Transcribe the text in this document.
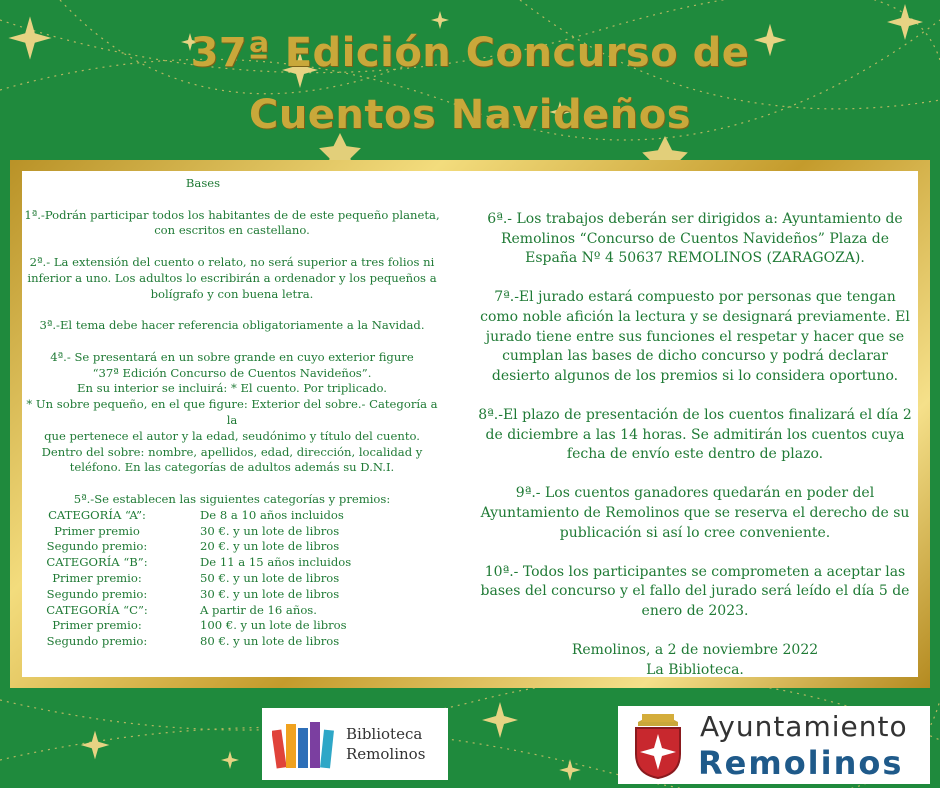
37ª Edición Concurso de
Cuentos Navideños

Bases

1ª.-Podrán participar todos los habitantes de de este pequeño planeta,
con escritos en castellano.

2ª.- La extensión del cuento o relato, no será superior a tres folios ni
inferior a uno. Los adultos lo escribirán a ordenador y los pequeños a
bolígrafo y con buena letra.

3ª.-El tema debe hacer referencia obligatoriamente a la Navidad.

4ª.- Se presentará en un sobre grande en cuyo exterior figure
“37ª Edición Concurso de Cuentos Navideños”.
En su interior se incluirá: * El cuento. Por triplicado.
* Un sobre pequeño, en el que figure: Exterior del sobre.- Categoría a la
que pertenece el autor y la edad, seudónimo y título del cuento.
Dentro del sobre: nombre, apellidos, edad, dirección, localidad y
teléfono. En las categorías de adultos además su D.N.I.

5ª.-Se establecen las siguientes categorías y premios:

CATEGORÍA “A”:	De 8 a 10 años incluidos
Primer premio	30 €. y un lote de libros
Segundo premio:	20 €. y un lote de libros
CATEGORÍA “B”:	De 11 a 15 años incluidos
Primer premio:	50 €. y un lote de libros
Segundo premio:	30 €. y un lote de libros
CATEGORÍA “C”:	A partir de 16 años.
Primer premio:	100 €. y un lote de libros
Segundo premio:	80 €. y un lote de libros

6ª.- Los trabajos deberán ser dirigidos a: Ayuntamiento de
Remolinos “Concurso de Cuentos Navideños” Plaza de
España Nº 4 50637 REMOLINOS (ZARAGOZA).

7ª.-El jurado estará compuesto por personas que tengan
como noble afición la lectura y se designará previamente. El
jurado tiene entre sus funciones el respetar y hacer que se
cumplan las bases de dicho concurso y podrá declarar
desierto algunos de los premios si lo considera oportuno.

8ª.-El plazo de presentación de los cuentos finalizará el día 2
de diciembre a las 14 horas. Se admitirán los cuentos cuya
fecha de envío este dentro de plazo.

9ª.- Los cuentos ganadores quedarán en poder del
Ayuntamiento de Remolinos que se reserva el derecho de su
publicación si así lo cree conveniente.

10ª.- Todos los participantes se comprometen a aceptar las
bases del concurso y el fallo del jurado será leído el día 5 de
enero de 2023.

Remolinos, a 2 de noviembre 2022
La Biblioteca.

Biblioteca
Remolinos
Ayuntamiento
Remolinos
